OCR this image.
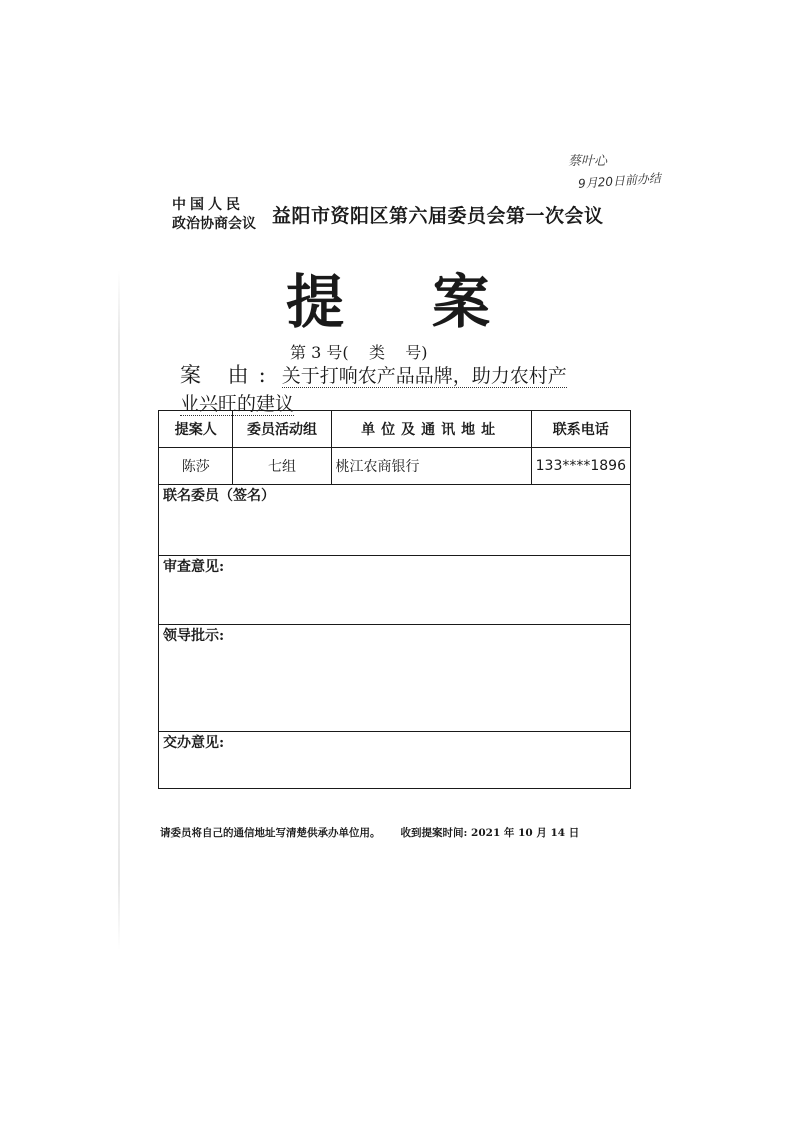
蔡叶心
9月20日前办结
中国人民
政治协商会议 益阳市资阳区第六届委员会第一次会议
提 案
第 3 号(    类    号)
案 由: 关于打响农产品品牌，助力农村产
业兴旺的建议
提案人	委员活动组	单位及通讯地址	联系电话
陈莎	七组	桃江农商银行	133****1896
联名委员（签名）			
审查意见:			
领导批示:			
交办意见:			
请委员将自己的通信地址写清楚供承办单位用。 收到提案时间: 2021 年 10 月 14 日
